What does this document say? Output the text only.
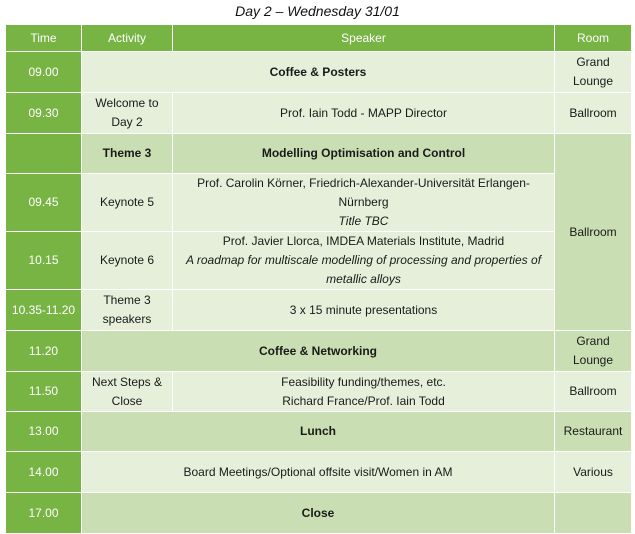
Day 2 – Wednesday 31/01
Time	Activity	Speaker	Room
09.00	Coffee & Posters		Grand Lounge
09.30	Welcome to Day 2	Prof. Iain Todd - MAPP Director	Ballroom
	Theme 3	Modelling Optimisation and Control	Ballroom
09.45	Keynote 5	Prof. Carolin Körner, Friedrich-Alexander-Universität Erlangen-Nürnberg
Title TBC	

10.15	Keynote 6	Prof. Javier Llorca, IMDEA Materials Institute, Madrid
A roadmap for multiscale modelling of processing and properties of metallic alloys	

10.35-11.20	Theme 3 speakers	3 x 15 minute presentations	
11.20	Coffee & Networking		Grand Lounge
11.50	Next Steps & Close	Feasibility funding/themes, etc.
Richard France/Prof. Iain Todd	Ballroom
13.00	Lunch		Restaurant
14.00	Board Meetings/Optional offsite visit/Women in AM		Various
17.00	Close		
